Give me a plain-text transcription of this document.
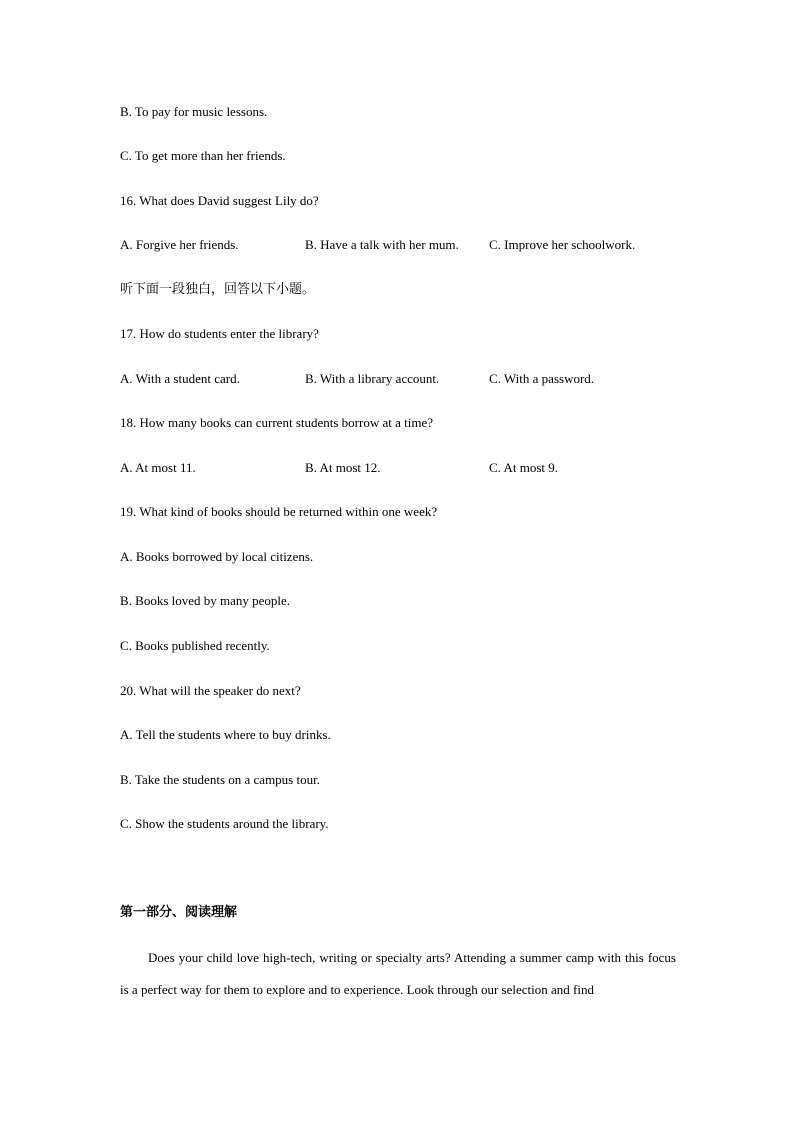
B. To pay for music lessons.
C. To get more than her friends.
16. What does David suggest Lily do?
A. Forgive her friends.	B. Have a talk with her mum. C. Improve her schoolwork.
听下面一段独白，回答以下小题。
17. How do students enter the library?
A. With a student card.	B. With a library account.	C. With a password.
18. How many books can current students borrow at a time?
A. At most 11.	B. At most 12.	C. At most 9.
19. What kind of books should be returned within one week?
A. Books borrowed by local citizens.
B. Books loved by many people.
C. Books published recently.
20. What will the speaker do next?
A. Tell the students where to buy drinks.
B. Take the students on a campus tour.
C. Show the students around the library.
第一部分、阅读理解
Does your child love high-tech, writing or specialty arts? Attending a summer camp with this focus is a perfect way for them to explore and to experience. Look through our selection and find
